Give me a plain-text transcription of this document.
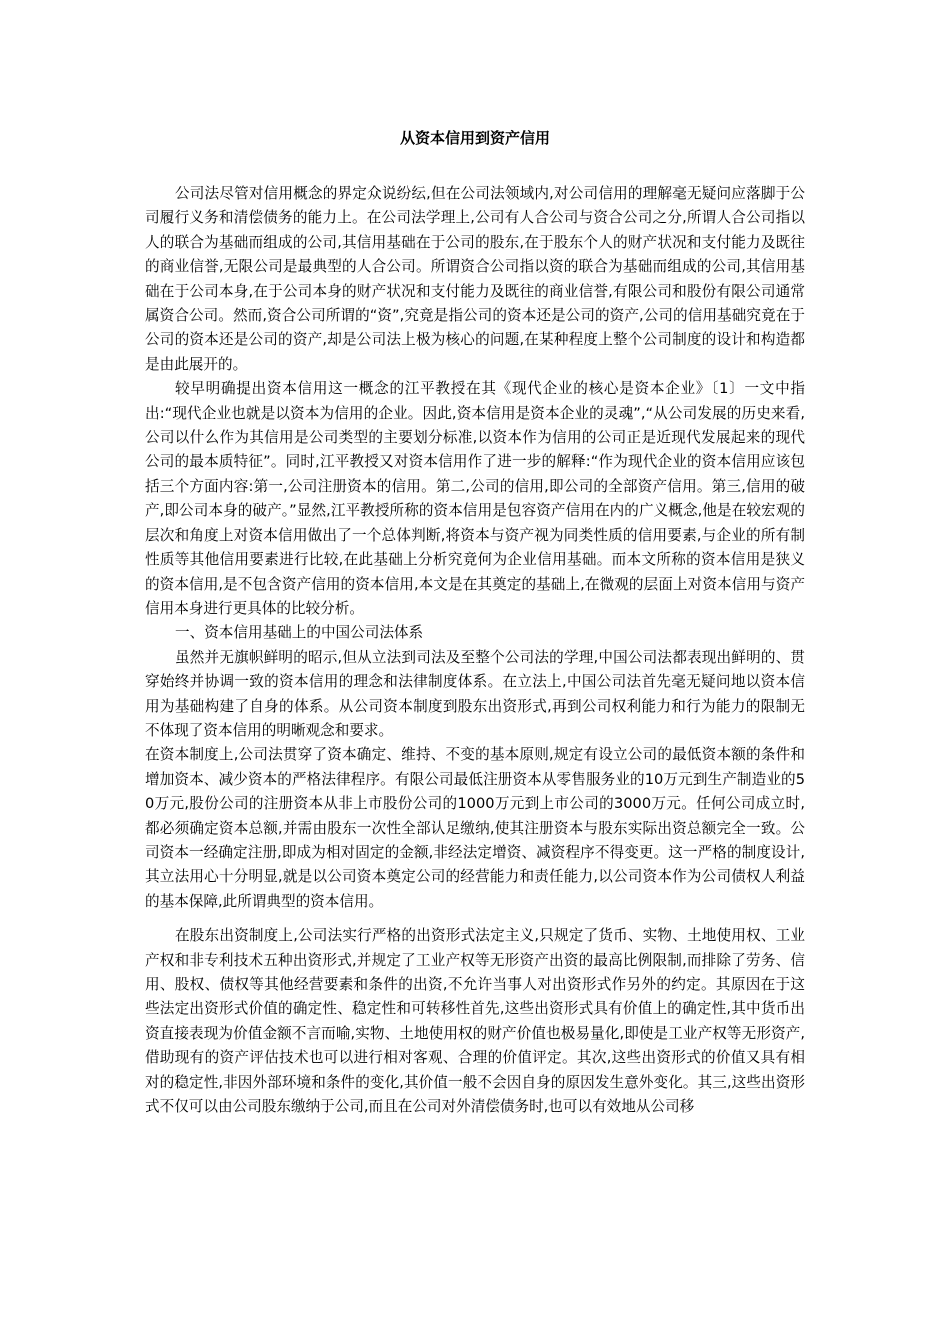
从资本信用到资产信用

公司法尽管对信用概念的界定众说纷纭,但在公司法领域内,对公司信用的理解毫无疑问应落脚于公司履行义务和清偿债务的能力上。在公司法学理上,公司有人合公司与资合公司之分,所谓人合公司指以人的联合为基础而组成的公司,其信用基础在于公司的股东,在于股东个人的财产状况和支付能力及既往的商业信誉,无限公司是最典型的人合公司。所谓资合公司指以资的联合为基础而组成的公司,其信用基础在于公司本身,在于公司本身的财产状况和支付能力及既往的商业信誉,有限公司和股份有限公司通常属资合公司。然而,资合公司所谓的“资”,究竟是指公司的资本还是公司的资产,公司的信用基础究竟在于公司的资本还是公司的资产,却是公司法上极为核心的问题,在某种程度上整个公司制度的设计和构造都是由此展开的。

较早明确提出资本信用这一概念的江平教授在其《现代企业的核心是资本企业》〔1〕一文中指出:“现代企业也就是以资本为信用的企业。因此,资本信用是资本企业的灵魂”,“从公司发展的历史来看,公司以什么作为其信用是公司类型的主要划分标准,以资本作为信用的公司正是近现代发展起来的现代公司的最本质特征”。同时,江平教授又对资本信用作了进一步的解释:“作为现代企业的资本信用应该包括三个方面内容:第一,公司注册资本的信用。第二,公司的信用,即公司的全部资产信用。第三,信用的破产,即公司本身的破产。”显然,江平教授所称的资本信用是包容资产信用在内的广义概念,他是在较宏观的层次和角度上对资本信用做出了一个总体判断,将资本与资产视为同类性质的信用要素,与企业的所有制性质等其他信用要素进行比较,在此基础上分析究竟何为企业信用基础。而本文所称的资本信用是狭义的资本信用,是不包含资产信用的资本信用,本文是在其奠定的基础上,在微观的层面上对资本信用与资产信用本身进行更具体的比较分析。

一、资本信用基础上的中国公司法体系

虽然并无旗帜鲜明的昭示,但从立法到司法及至整个公司法的学理,中国公司法都表现出鲜明的、贯穿始终并协调一致的资本信用的理念和法律制度体系。在立法上,中国公司法首先毫无疑问地以资本信用为基础构建了自身的体系。从公司资本制度到股东出资形式,再到公司权利能力和行为能力的限制无不体现了资本信用的明晰观念和要求。

在资本制度上,公司法贯穿了资本确定、维持、不变的基本原则,规定有设立公司的最低资本额的条件和增加资本、减少资本的严格法律程序。有限公司最低注册资本从零售服务业的10万元到生产制造业的50万元,股份公司的注册资本从非上市股份公司的1000万元到上市公司的3000万元。任何公司成立时,都必须确定资本总额,并需由股东一次性全部认足缴纳,使其注册资本与股东实际出资总额完全一致。公司资本一经确定注册,即成为相对固定的金额,非经法定增资、减资程序不得变更。这一严格的制度设计,其立法用心十分明显,就是以公司资本奠定公司的经营能力和责任能力,以公司资本作为公司债权人利益的基本保障,此所谓典型的资本信用。

在股东出资制度上,公司法实行严格的出资形式法定主义,只规定了货币、实物、土地使用权、工业产权和非专利技术五种出资形式,并规定了工业产权等无形资产出资的最高比例限制,而排除了劳务、信用、股权、债权等其他经营要素和条件的出资,不允许当事人对出资形式作另外的约定。其原因在于这些法定出资形式价值的确定性、稳定性和可转移性首先,这些出资形式具有价值上的确定性,其中货币出资直接表现为价值金额不言而喻,实物、土地使用权的财产价值也极易量化,即使是工业产权等无形资产,借助现有的资产评估技术也可以进行相对客观、合理的价值评定。其次,这些出资形式的价值又具有相对的稳定性,非因外部环境和条件的变化,其价值一般不会因自身的原因发生意外变化。其三,这些出资形式不仅可以由公司股东缴纳于公司,而且在公司对外清偿债务时,也可以有效地从公司移
